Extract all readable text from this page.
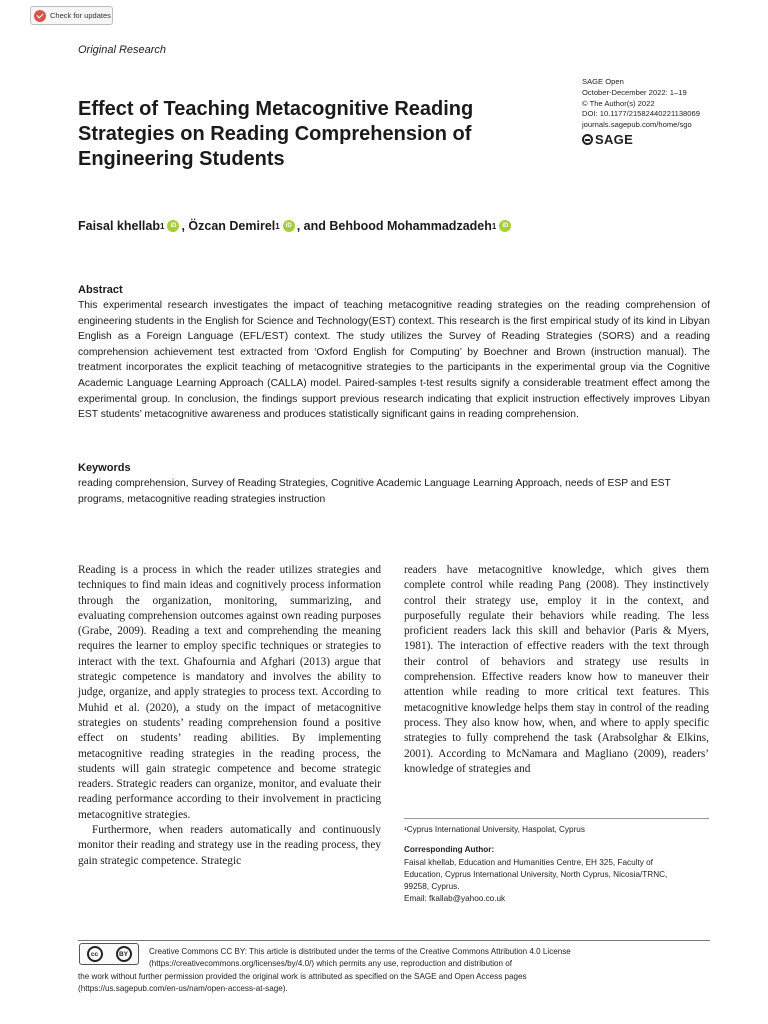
Check for updates
Original Research
SAGE Open
October-December 2022: 1–19
© The Author(s) 2022
DOI: 10.1177/21582440221138069
journals.sagepub.com/home/sgo
SAGE
Effect of Teaching Metacognitive Reading Strategies on Reading Comprehension of Engineering Students
Faisal khellab 1	iD ,
Özcan Demirel 1	iD , and
Behbood Mohammadzadeh 1	iD
Abstract

This experimental research investigates the impact of teaching metacognitive reading strategies on the reading comprehension of engineering students in the English for Science and Technology(EST) context. This research is the first empirical study of its kind in Libyan English as a Foreign Language (EFL/EST) context. The study utilizes the Survey of Reading Strategies (SORS) and a reading comprehension achievement test extracted from ‘Oxford English for Computing’ by Boechner and Brown (instruction manual). The treatment incorporates the explicit teaching of metacognitive strategies to the participants in the experimental group via the Cognitive Academic Language Learning Approach (CALLA) model. Paired-samples t-test results signify a considerable treatment effect among the experimental group. In conclusion, the findings support previous research indicating that explicit instruction effectively improves Libyan EST students’ metacognitive awareness and produces statistically significant gains in reading comprehension.

Keywords

reading comprehension, Survey of Reading Strategies, Cognitive Academic Language Learning Approach, needs of ESP and EST programs, metacognitive reading strategies instruction

Reading is a process in which the reader utilizes strategies and techniques to find main ideas and cognitively process information through the organization, monitoring, summarizing, and evaluating comprehension outcomes against own reading purposes (Grabe, 2009). Reading a text and comprehending the meaning requires the learner to employ specific techniques or strategies to interact with the text. Ghafournia and Afghari (2013) argue that strategic competence is mandatory and involves the ability to judge, organize, and apply strategies to process text. According to Muhid et al. (2020), a study on the impact of metacognitive strategies on students’ reading comprehension found a positive effect on students’ reading abilities. By implementing metacognitive reading strategies in the reading process, the students will gain strategic competence and become strategic readers. Strategic readers can organize, monitor, and evaluate their reading performance according to their involvement in practicing metacognitive strategies.

Furthermore, when readers automatically and continuously monitor their reading and strategy use in the reading process, they gain strategic competence. Strategic

readers have metacognitive knowledge, which gives them complete control while reading Pang (2008). They instinctively control their strategy use, employ it in the context, and purposefully regulate their behaviors while reading. The less proficient readers lack this skill and behavior (Paris & Myers, 1981). The interaction of effective readers with the text through their control of behaviors and strategy use results in comprehension. Effective readers know how to maneuver their attention while reading to more critical text features. This metacognitive knowledge helps them stay in control of the reading process. They also know how, when, and where to apply specific strategies to fully comprehend the task (Arabsolghar & Elkins, 2001). According to McNamara and Magliano (2009), readers’ knowledge of strategies and

¹Cyprus International University, Haspolat, Cyprus
Corresponding Author:
Faisal khellab, Education and Humanities Centre, EH 325, Faculty of
Education, Cyprus International University, North Cyprus, Nicosia/TRNC,
99258, Cyprus.
Email: fkallab@yahoo.co.uk
cc	BY	Creative Commons CC BY: This article is distributed under the terms of the Creative Commons Attribution 4.0 License
(https://creativecommons.org/licenses/by/4.0/) which permits any use, reproduction and distribution of
the work without further permission provided the original work is attributed as specified on the SAGE and Open Access pages
(https://us.sagepub.com/en-us/nam/open-access-at-sage).
